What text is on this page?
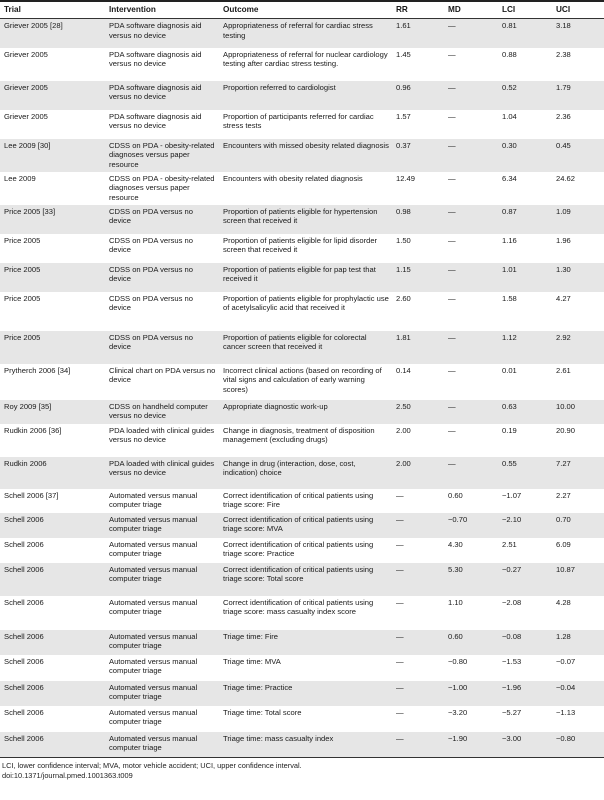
Trial	Intervention	Outcome	RR	MD	LCI	UCI
Griever 2005 [28]	PDA software diagnosis aid versus no device	Appropriateness of referral for cardiac stress testing	1.61	—	0.81	3.18
Griever 2005	PDA software diagnosis aid versus no device	Appropriateness of referral for nuclear cardiology testing after cardiac stress testing.	1.45	—	0.88	2.38
Griever 2005	PDA software diagnosis aid versus no device	Proportion referred to cardiologist	0.96	—	0.52	1.79
Griever 2005	PDA software diagnosis aid versus no device	Proportion of participants referred for cardiac stress tests	1.57	—	1.04	2.36
Lee 2009 [30]	CDSS on PDA - obesity-related diagnoses versus paper resource	Encounters with missed obesity related diagnosis	0.37	—	0.30	0.45
Lee 2009	CDSS on PDA - obesity-related diagnoses versus paper resource	Encounters with obesity related diagnosis	12.49	—	6.34	24.62
Price 2005 [33]	CDSS on PDA versus no device	Proportion of patients eligible for hypertension screen that received it	0.98	—	0.87	1.09
Price 2005	CDSS on PDA versus no device	Proportion of patients eligible for lipid disorder screen that received it	1.50	—	1.16	1.96
Price 2005	CDSS on PDA versus no device	Proportion of patients eligible for pap test that received it	1.15	—	1.01	1.30
Price 2005	CDSS on PDA versus no device	Proportion of patients eligible for prophylactic use of acetylsalicylic acid that received it	2.60	—	1.58	4.27
Price 2005	CDSS on PDA versus no device	Proportion of patients eligible for colorectal cancer screen that received it	1.81	—	1.12	2.92
Prytherch 2006 [34]	Clinical chart on PDA versus no device	Incorrect clinical actions (based on recording of vital signs and calculation of early warning scores)	0.14	—	0.01	2.61
Roy 2009 [35]	CDSS on handheld computer versus no device	Appropriate diagnostic work-up	2.50	—	0.63	10.00
Rudkin 2006 [36]	PDA loaded with clinical guides versus no device	Change in diagnosis, treatment of disposition management (excluding drugs)	2.00	—	0.19	20.90
Rudkin 2006	PDA loaded with clinical guides versus no device	Change in drug (interaction, dose, cost, indication) choice	2.00	—	0.55	7.27
Schell 2006 [37]	Automated versus manual computer triage	Correct identification of critical patients using triage score: Fire	—	0.60	−1.07	2.27
Schell 2006	Automated versus manual computer triage	Correct identification of critical patients using triage score: MVA	—	−0.70	−2.10	0.70
Schell 2006	Automated versus manual computer triage	Correct identification of critical patients using triage score: Practice	—	4.30	2.51	6.09
Schell 2006	Automated versus manual computer triage	Correct identification of critical patients using triage score: Total score	—	5.30	−0.27	10.87
Schell 2006	Automated versus manual computer triage	Correct identification of critical patients using triage score: mass casualty index score	—	1.10	−2.08	4.28
Schell 2006	Automated versus manual computer triage	Triage time: Fire	—	0.60	−0.08	1.28
Schell 2006	Automated versus manual computer triage	Triage time: MVA	—	−0.80	−1.53	−0.07
Schell 2006	Automated versus manual computer triage	Triage time: Practice	—	−1.00	−1.96	−0.04
Schell 2006	Automated versus manual computer triage	Triage time: Total score	—	−3.20	−5.27	−1.13
Schell 2006	Automated versus manual computer triage	Triage time: mass casualty index	—	−1.90	−3.00	−0.80
LCI, lower confidence interval; MVA, motor vehicle accident; UCI, upper confidence interval.
doi:10.1371/journal.pmed.1001363.t009
